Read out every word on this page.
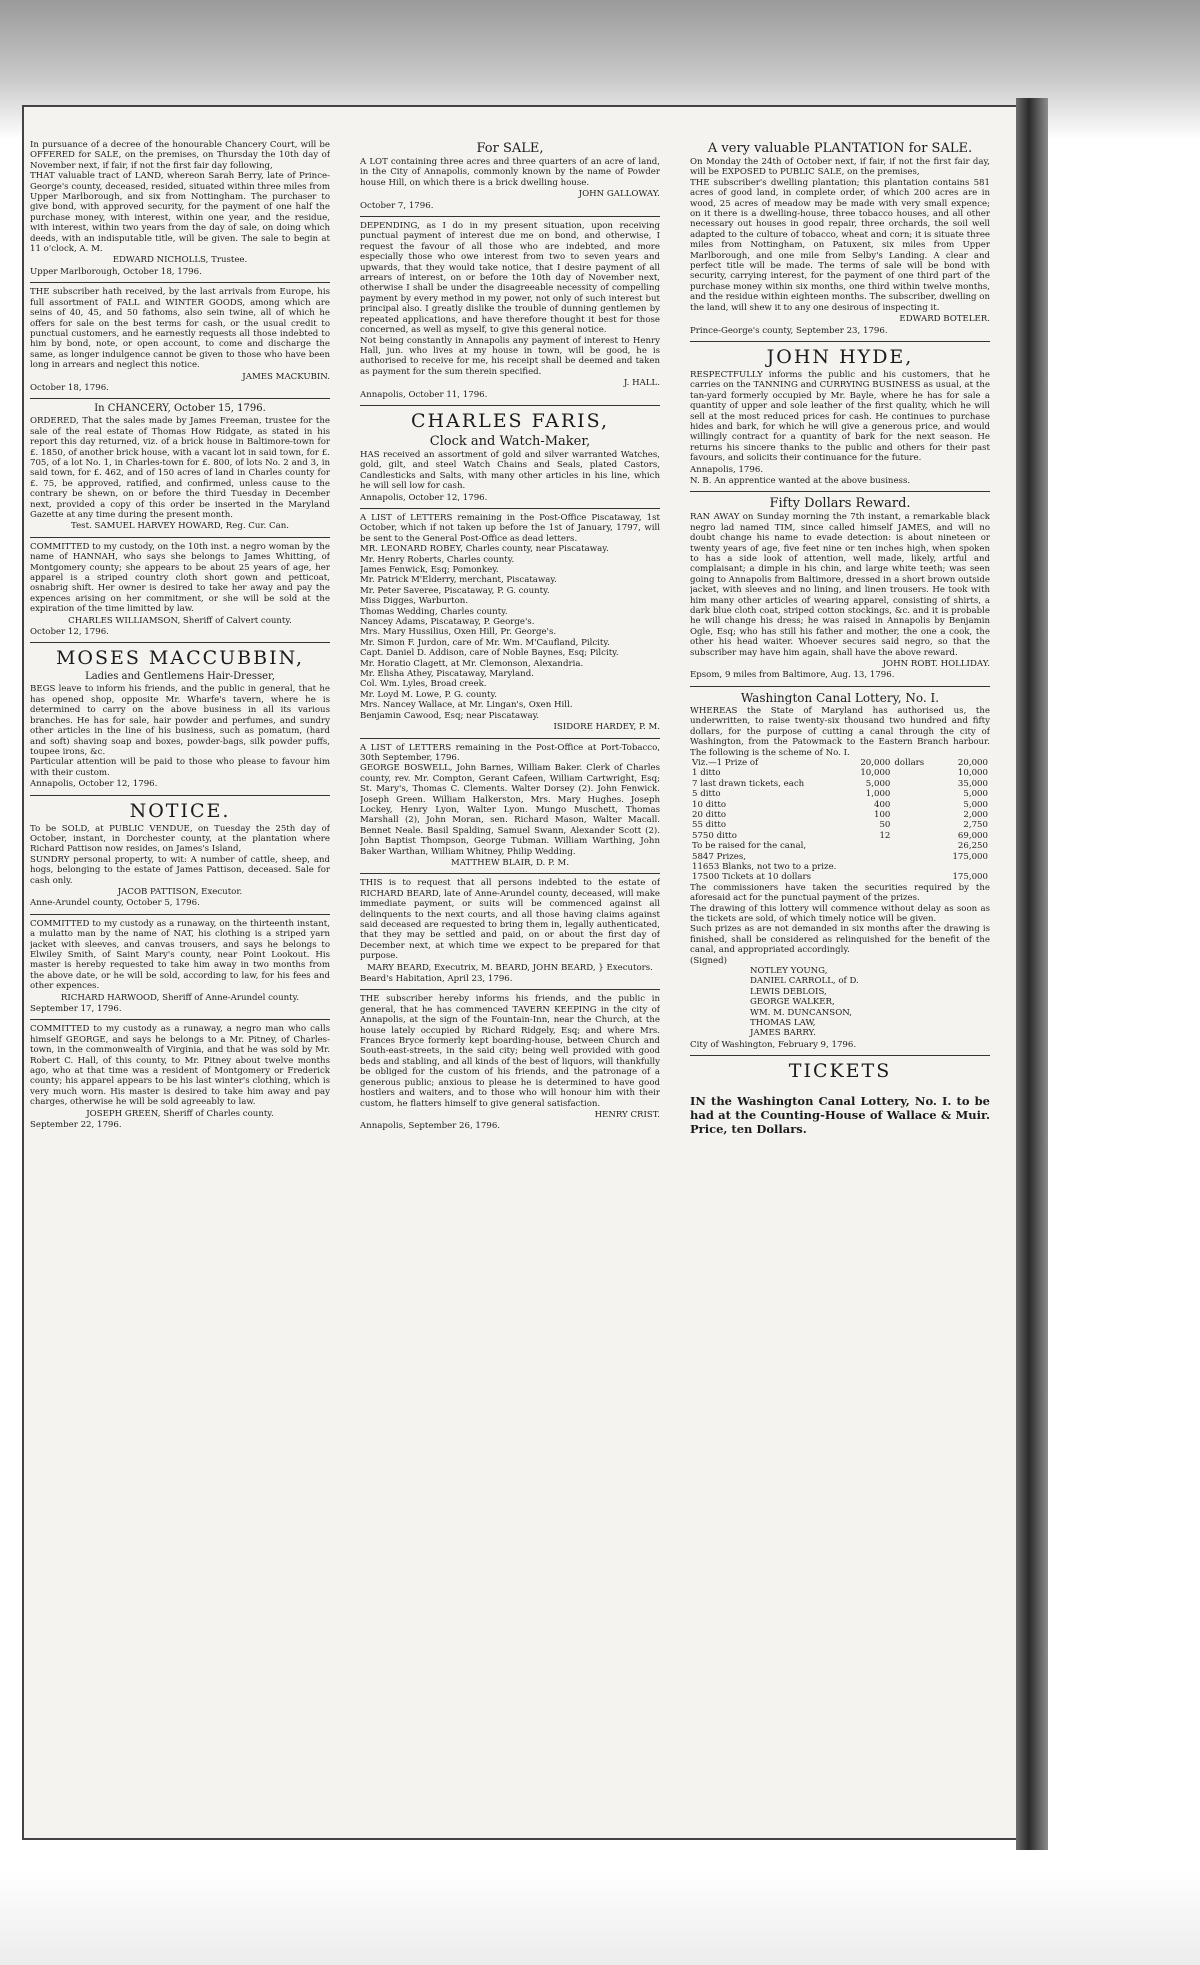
In pursuance of a decree of the honourable Chancery Court, will be OFFERED for SALE, on the premises, on Thursday the 10th day of November next, if fair, if not the first fair day following,

THAT valuable tract of LAND, whereon Sarah Berry, late of Prince-George's county, deceased, resided, situated within three miles from Upper Marlborough, and six from Nottingham. The purchaser to give bond, with approved security, for the payment of one half the purchase money, with interest, within one year, and the residue, with interest, within two years from the day of sale, on doing which deeds, with an indisputable title, will be given. The sale to begin at 11 o'clock, A. M.

EDWARD NICHOLLS, Trustee.
Upper Marlborough, October 18, 1796.

THE subscriber hath received, by the last arrivals from Europe, his full assortment of FALL and WINTER GOODS, among which are seins of 40, 45, and 50 fathoms, also sein twine, all of which he offers for sale on the best terms for cash, or the usual credit to punctual customers, and he earnestly requests all those indebted to him by bond, note, or open account, to come and discharge the same, as longer indulgence cannot be given to those who have been long in arrears and neglect this notice.

JAMES MACKUBIN.
October 18, 1796.
In CHANCERY, October 15, 1796.

ORDERED, That the sales made by James Freeman, trustee for the sale of the real estate of Thomas How Ridgate, as stated in his report this day returned, viz. of a brick house in Baltimore-town for £. 1850, of another brick house, with a vacant lot in said town, for £. 705, of a lot No. 1, in Charles-town for £. 800, of lots No. 2 and 3, in said town, for £. 462, and of 150 acres of land in Charles county for £. 75, be approved, ratified, and confirmed, unless cause to the contrary be shewn, on or before the third Tuesday in December next, provided a copy of this order be inserted in the Maryland Gazette at any time during the present month.

Test. SAMUEL HARVEY HOWARD, Reg. Cur. Can.

COMMITTED to my custody, on the 10th inst. a negro woman by the name of HANNAH, who says she belongs to James Whitting, of Montgomery county; she appears to be about 25 years of age, her apparel is a striped country cloth short gown and petticoat, osnabrig shift. Her owner is desired to take her away and pay the expences arising on her commitment, or she will be sold at the expiration of the time limitted by law.

CHARLES WILLIAMSON, Sheriff of Calvert county.
October 12, 1796.
MOSES MACCUBBIN,
Ladies and Gentlemens Hair-Dresser,

BEGS leave to inform his friends, and the public in general, that he has opened shop, opposite Mr. Wharfe's tavern, where he is determined to carry on the above business in all its various branches. He has for sale, hair powder and perfumes, and sundry other articles in the line of his business, such as pomatum, (hard and soft) shaving soap and boxes, powder-bags, silk powder puffs, toupee irons, &c.

Particular attention will be paid to those who please to favour him with their custom.

Annapolis, October 12, 1796.
NOTICE.

To be SOLD, at PUBLIC VENDUE, on Tuesday the 25th day of October, instant, in Dorchester county, at the plantation where Richard Pattison now resides, on James's Island,

SUNDRY personal property, to wit: A number of cattle, sheep, and hogs, belonging to the estate of James Pattison, deceased. Sale for cash only.

JACOB PATTISON, Executor.
Anne-Arundel county, October 5, 1796.

COMMITTED to my custody as a runaway, on the thirteenth instant, a mulatto man by the name of NAT, his clothing is a striped yarn jacket with sleeves, and canvas trousers, and says he belongs to Elwiley Smith, of Saint Mary's county, near Point Lookout. His master is hereby requested to take him away in two months from the above date, or he will be sold, according to law, for his fees and other expences.

RICHARD HARWOOD, Sheriff of Anne-Arundel county.
September 17, 1796.

COMMITTED to my custody as a runaway, a negro man who calls himself GEORGE, and says he belongs to a Mr. Pitney, of Charles-town, in the commonwealth of Virginia, and that he was sold by Mr. Robert C. Hall, of this county, to Mr. Pitney about twelve months ago, who at that time was a resident of Montgomery or Frederick county; his apparel appears to be his last winter's clothing, which is very much worn. His master is desired to take him away and pay charges, otherwise he will be sold agreeably to law.

JOSEPH GREEN, Sheriff of Charles county.
September 22, 1796.
For SALE,

A LOT containing three acres and three quarters of an acre of land, in the City of Annapolis, commonly known by the name of Powder house Hill, on which there is a brick dwelling house.

JOHN GALLOWAY.
October 7, 1796.

DEPENDING, as I do in my present situation, upon receiving punctual payment of interest due me on bond, and otherwise, I request the favour of all those who are indebted, and more especially those who owe interest from two to seven years and upwards, that they would take notice, that I desire payment of all arrears of interest, on or before the 10th day of November next, otherwise I shall be under the disagreeable necessity of compelling payment by every method in my power, not only of such interest but principal also. I greatly dislike the trouble of dunning gentlemen by repeated applications, and have therefore thought it best for those concerned, as well as myself, to give this general notice.

Not being constantly in Annapolis any payment of interest to Henry Hall, jun. who lives at my house in town, will be good, he is authorised to receive for me, his receipt shall be deemed and taken as payment for the sum therein specified.

J. HALL.
Annapolis, October 11, 1796.
CHARLES FARIS,
Clock and Watch-Maker,

HAS received an assortment of gold and silver warranted Watches, gold, gilt, and steel Watch Chains and Seals, plated Castors, Candlesticks and Salts, with many other articles in his line, which he will sell low for cash.

Annapolis, October 12, 1796.

A LIST of LETTERS remaining in the Post-Office Piscataway, 1st October, which if not taken up before the 1st of January, 1797, will be sent to the General Post-Office as dead letters.

MR. LEONARD ROBEY, Charles county, near Piscataway.
Mr. Henry Roberts, Charles county.
James Fenwick, Esq; Pomonkey.
Mr. Patrick M'Elderry, merchant, Piscataway.
Mr. Peter Saveree, Piscataway, P. G. county.
Miss Digges, Warburton.
Thomas Wedding, Charles county.
Nancey Adams, Piscataway, P. George's.
Mrs. Mary Hussilius, Oxen Hill, Pr. George's.
Mr. Simon F. Jurdon, care of Mr. Wm. M'Caufland, Pilcity.
Capt. Daniel D. Addison, care of Noble Baynes, Esq; Pilcity.
Mr. Horatio Clagett, at Mr. Clemonson, Alexandria.
Mr. Elisha Athey, Piscataway, Maryland.
Col. Wm. Lyles, Broad creek.
Mr. Loyd M. Lowe, P. G. county.
Mrs. Nancey Wallace, at Mr. Lingan's, Oxen Hill.
Benjamin Cawood, Esq; near Piscataway.
ISIDORE HARDEY, P. M.

A LIST of LETTERS remaining in the Post-Office at Port-Tobacco, 30th September, 1796.

GEORGE BOSWELL, John Barnes, William Baker. Clerk of Charles county, rev. Mr. Compton, Gerant Cafeen, William Cartwright, Esq; St. Mary's, Thomas C. Clements. Walter Dorsey (2). John Fenwick. Joseph Green. William Halkerston, Mrs. Mary Hughes. Joseph Lockey, Henry Lyon, Walter Lyon. Mungo Muschett, Thomas Marshall (2), John Moran, sen. Richard Mason, Walter Macall. Bennet Neale. Basil Spalding, Samuel Swann, Alexander Scott (2). John Baptist Thompson, George Tubman. William Warthing, John Baker Warthan, William Whitney, Philip Wedding.

MATTHEW BLAIR, D. P. M.

THIS is to request that all persons indebted to the estate of RICHARD BEARD, late of Anne-Arundel county, deceased, will make immediate payment, or suits will be commenced against all delinquents to the next courts, and all those having claims against said deceased are requested to bring them in, legally authenticated, that they may be settled and paid, on or about the first day of December next, at which time we expect to be prepared for that purpose.

MARY BEARD, Executrix, M. BEARD, JOHN BEARD, } Executors.
Beard's Habitation, April 23, 1796.

THE subscriber hereby informs his friends, and the public in general, that he has commenced TAVERN KEEPING in the city of Annapolis, at the sign of the Fountain-Inn, near the Church, at the house lately occupied by Richard Ridgely, Esq; and where Mrs. Frances Bryce formerly kept boarding-house, between Church and South-east-streets, in the said city; being well provided with good beds and stabling, and all kinds of the best of liquors, will thankfully be obliged for the custom of his friends, and the patronage of a generous public; anxious to please he is determined to have good hostlers and waiters, and to those who will honour him with their custom, he flatters himself to give general satisfaction.

HENRY CRIST.
Annapolis, September 26, 1796.
A very valuable PLANTATION for SALE.

On Monday the 24th of October next, if fair, if not the first fair day, will be EXPOSED to PUBLIC SALE, on the premises,

THE subscriber's dwelling plantation; this plantation contains 581 acres of good land, in complete order, of which 200 acres are in wood, 25 acres of meadow may be made with very small expence; on it there is a dwelling-house, three tobacco houses, and all other necessary out houses in good repair, three orchards, the soil well adapted to the culture of tobacco, wheat and corn; it is situate three miles from Nottingham, on Patuxent, six miles from Upper Marlborough, and one mile from Selby's Landing. A clear and perfect title will be made. The terms of sale will be bond with security, carrying interest, for the payment of one third part of the purchase money within six months, one third within twelve months, and the residue within eighteen months. The subscriber, dwelling on the land, will shew it to any one desirous of inspecting it.

EDWARD BOTELER.
Prince-George's county, September 23, 1796.
JOHN HYDE,

RESPECTFULLY informs the public and his customers, that he carries on the TANNING and CURRYING BUSINESS as usual, at the tan-yard formerly occupied by Mr. Bayle, where he has for sale a quantity of upper and sole leather of the first quality, which he will sell at the most reduced prices for cash. He continues to purchase hides and bark, for which he will give a generous price, and would willingly contract for a quantity of bark for the next season. He returns his sincere thanks to the public and others for their past favours, and solicits their continuance for the future.

Annapolis, 1796.
N. B. An apprentice wanted at the above business.
Fifty Dollars Reward.

RAN AWAY on Sunday morning the 7th instant, a remarkable black negro lad named TIM, since called himself JAMES, and will no doubt change his name to evade detection: is about nineteen or twenty years of age, five feet nine or ten inches high, when spoken to has a side look of attention, well made, likely, artful and complaisant; a dimple in his chin, and large white teeth; was seen going to Annapolis from Baltimore, dressed in a short brown outside jacket, with sleeves and no lining, and linen trousers. He took with him many other articles of wearing apparel, consisting of shirts, a dark blue cloth coat, striped cotton stockings, &c. and it is probable he will change his dress; he was raised in Annapolis by Benjamin Ogle, Esq; who has still his father and mother, the one a cook, the other his head waiter. Whoever secures said negro, so that the subscriber may have him again, shall have the above reward.

JOHN ROBT. HOLLIDAY.
Epsom, 9 miles from Baltimore, Aug. 13, 1796.
Washington Canal Lottery, No. I.

WHEREAS the State of Maryland has authorised us, the underwritten, to raise twenty-six thousand two hundred and fifty dollars, for the purpose of cutting a canal through the city of Washington, from the Patowmack to the Eastern Branch harbour. The following is the scheme of No. I.

Viz.—1 Prize of	20,000	dollars	20,000
1 ditto	10,000		10,000
7 last drawn tickets, each	5,000		35,000
5 ditto	1,000		5,000
10 ditto	400		5,000
20 ditto	100		2,000
55 ditto	50		2,750
5750 ditto	12		69,000
To be raised for the canal,			26,250
5847 Prizes,			175,000
11653 Blanks, not two to a prize.			
17500 Tickets at 10 dollars			175,000

The commissioners have taken the securities required by the aforesaid act for the punctual payment of the prizes.

The drawing of this lottery will commence without delay as soon as the tickets are sold, of which timely notice will be given.

Such prizes as are not demanded in six months after the drawing is finished, shall be considered as relinquished for the benefit of the canal, and appropriated accordingly.

(Signed)
NOTLEY YOUNG,
DANIEL CARROLL, of D.
LEWIS DEBLOIS,
GEORGE WALKER,
WM. M. DUNCANSON,
THOMAS LAW,
JAMES BARRY.
City of Washington, February 9, 1796.
TICKETS

IN the Washington Canal Lottery, No. I. to be had at the Counting-House of Wallace & Muir. Price, ten Dollars.
